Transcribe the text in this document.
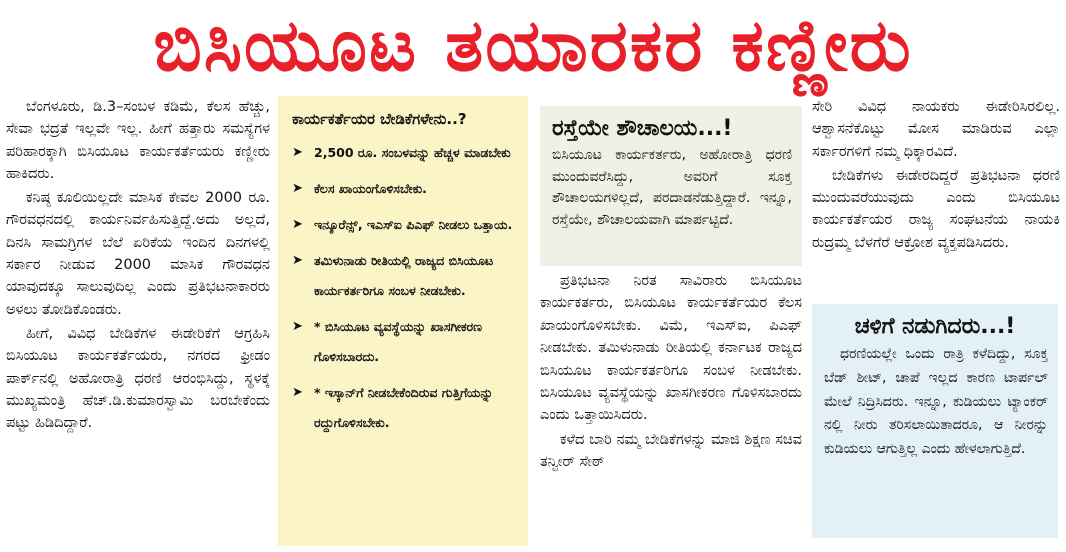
ಬಿಸಿಯೂಟ ತಯಾರಕರ ಕಣ್ಣೀರು

ಬೆಂಗಳೂರು, ಡಿ.3–ಸಂಬಳ ಕಡಿಮೆ, ಕೆಲಸ ಹೆಚ್ಚು, ಸೇವಾ ಭದ್ರತೆ ಇಲ್ಲವೇ ಇಲ್ಲ. ಹೀಗೆ ಹತ್ತಾರು ಸಮಸ್ಯೆಗಳ ಪರಿಹಾರಕ್ಕಾಗಿ ಬಿಸಿಯೂಟ ಕಾರ್ಯಕರ್ತೆಯರು ಕಣ್ಣೀರು ಹಾಕಿದರು.

ಕನಿಷ್ಠ ಕೂಲಿಯಿಲ್ಲದೇ ಮಾಸಿಕ ಕೇವಲ 2000 ರೂ. ಗೌರವಧನದಲ್ಲಿ ಕಾರ್ಯನಿರ್ವಹಿಸುತ್ತಿದ್ದೆ.ಅದು ಅಲ್ಲದೆ, ದಿನಸಿ ಸಾಮಗ್ರಿಗಳ ಬೆಲೆ ಏರಿಕೆಯ ಇಂದಿನ ದಿನಗಳಲ್ಲಿ ಸರ್ಕಾರ ನೀಡುವ 2000 ಮಾಸಿಕ ಗೌರವಧನ ಯಾವುದಕ್ಕೂ ಸಾಲುವುದಿಲ್ಲ ಎಂದು ಪ್ರತಿಭಟನಾಕಾರರು ಅಳಲು ತೋಡಿಕೊಂಡರು.

ಹೀಗೆ, ವಿವಿಧ ಬೇಡಿಕೆಗಳ ಈಡೇರಿಕೆಗೆ ಆಗ್ರಹಿಸಿ ಬಿಸಿಯೂಟ ಕಾರ್ಯಕರ್ತೆಯರು, ನಗರದ ಫ್ರೀಡಂ ಪಾರ್ಕ್‌ನಲ್ಲಿ ಅಹೋರಾತ್ರಿ ಧರಣಿ ಆರಂಭಿಸಿದ್ದು, ಸ್ಥಳಕ್ಕೆ ಮುಖ್ಯಮಂತ್ರಿ ಹೆಚ್.ಡಿ.ಕುಮಾರಸ್ವಾಮಿ ಬರಬೇಕೆಂದು ಪಟ್ಟು ಹಿಡಿದಿದ್ದಾರೆ.

ಕಾರ್ಯಕರ್ತೆಯರ ಬೇಡಿಕೆಗಳೇನು..?
➤ 2,500 ರೂ. ಸಂಬಳವನ್ನು ಹೆಚ್ಚಳ ಮಾಡಬೇಕು
➤ ಕೆಲಸ ಖಾಯಂಗೊಳಿಸಬೇಕು.
➤ ಇನ್ಶೂರೆನ್ಸ್, ಇಎಸ್‌ಐ ಪಿಎಫ್ ನೀಡಲು ಒತ್ತಾಯ.
➤ ತಮಿಳುನಾಡು ರೀತಿಯಲ್ಲಿ ರಾಜ್ಯದ ಬಿಸಿಯೂಟ ಕಾರ್ಯಕರ್ತರಿಗೂ ಸಂಬಳ ನೀಡಬೇಕು.
➤ * ಬಿಸಿಯೂಟ ವ್ಯವಸ್ಥೆಯನ್ನು ಖಾಸಗೀಕರಣ ಗೊಳಿಸಬಾರದು.
➤ * ಇಸ್ಕಾನ್‌ಗೆ ನೀಡಬೇಕೆಂದಿರುವ ಗುತ್ತಿಗೆಯನ್ನು ರದ್ದುಗೊಳಿಸಬೇಕು.
ರಸ್ತೆಯೇ ಶೌಚಾಲಯ...!
ಬಿಸಿಯೂಟ ಕಾರ್ಯಕರ್ತರು, ಅಹೋರಾತ್ರಿ ಧರಣಿ ಮುಂದುವರೆಸಿದ್ದು, ಅವರಿಗೆ ಸೂಕ್ತ ಶೌಚಾಲಯಗಳಿಲ್ಲದೆ, ಪರದಾಡನೆಡುತ್ತಿದ್ದಾರೆ. ಇನ್ನೂ, ರಸ್ತೆಯೇ, ಶೌಚಾಲಯವಾಗಿ ಮಾರ್ಪಟ್ಟಿದೆ.

ಪ್ರತಿಭಟನಾ ನಿರತ ಸಾವಿರಾರು ಬಿಸಿಯೂಟ ಕಾರ್ಯಕರ್ತರು, ಬಿಸಿಯೂಟ ಕಾರ್ಯಕರ್ತೆಯರ ಕೆಲಸ ಖಾಯಂಗೊಳಿಸಬೇಕು. ವಿಮೆ, ಇಎಸ್‌ಐ, ಪಿಎಫ್ ನೀಡಬೇಕು. ತಮಿಳುನಾಡು ರೀತಿಯಲ್ಲಿ ಕರ್ನಾಟಕ ರಾಜ್ಯದ ಬಿಸಿಯೂಟ ಕಾರ್ಯಕರ್ತರಿಗೂ ಸಂಬಳ ನೀಡಬೇಕು. ಬಿಸಿಯೂಟ ವ್ಯವಸ್ಥೆಯನ್ನು ಖಾಸಗೀಕರಣ ಗೊಳಿಸಬಾರದು ಎಂದು ಒತ್ತಾಯಿಸಿದರು.

ಕಳೆದ ಬಾರಿ ನಮ್ಮ ಬೇಡಿಕೆಗಳನ್ನು ಮಾಜಿ ಶಿಕ್ಷಣ ಸಚಿವ ತನ್ವೀರ್ ಸೇಠ್

ಸೇರಿ ವಿವಿಧ ನಾಯಕರು ಈಡೇರಿಸಿರಲಿಲ್ಲ. ಆಶ್ವಾಸನೆಕೊಟ್ಟು ಮೋಸ ಮಾಡಿರುವ ಎಲ್ಲಾ ಸರ್ಕಾರಗಳಿಗೆ ನಮ್ಮ ಧಿಕ್ಕಾರವಿದೆ.

ಬೇಡಿಕೆಗಳು ಈಡೇರದಿದ್ದರೆ ಪ್ರತಿಭಟನಾ ಧರಣಿ ಮುಂದುವರೆಯುವುದು ಎಂದು ಬಿಸಿಯೂಟ ಕಾರ್ಯಕರ್ತೆಯರ ರಾಜ್ಯ ಸಂಘಟನೆಯ ನಾಯಕಿ ರುದ್ರಮ್ಮ ಬೆಳಗೆರೆ ಆಕ್ರೋಶ ವ್ಯಕ್ತಪಡಿಸಿದರು.

ಚಳಿಗೆ ನಡುಗಿದರು...!

ಧರಣಿಯಲ್ಲೇ ಒಂದು ರಾತ್ರಿ ಕಳೆದಿದ್ದು, ಸೂಕ್ತ ಬೆಡ್ ಶೀಟ್, ಚಾಪೆ ಇಲ್ಲದ ಕಾರಣ ಟಾರ್ಪಲ್ ಮೇಲೆ ನಿದ್ರಿಸಿದರು. ಇನ್ನೂ, ಕುಡಿಯಲು ಟ್ಯಾಂಕರ್ ನಲ್ಲಿ ನೀರು ತರಿಸಲಾಯಿತಾದರೂ, ಆ ನೀರನ್ನು ಕುಡಿಯಲು ಆಗುತ್ತಿಲ್ಲ ಎಂದು ಹೇಳಲಾಗುತ್ತಿದೆ.
